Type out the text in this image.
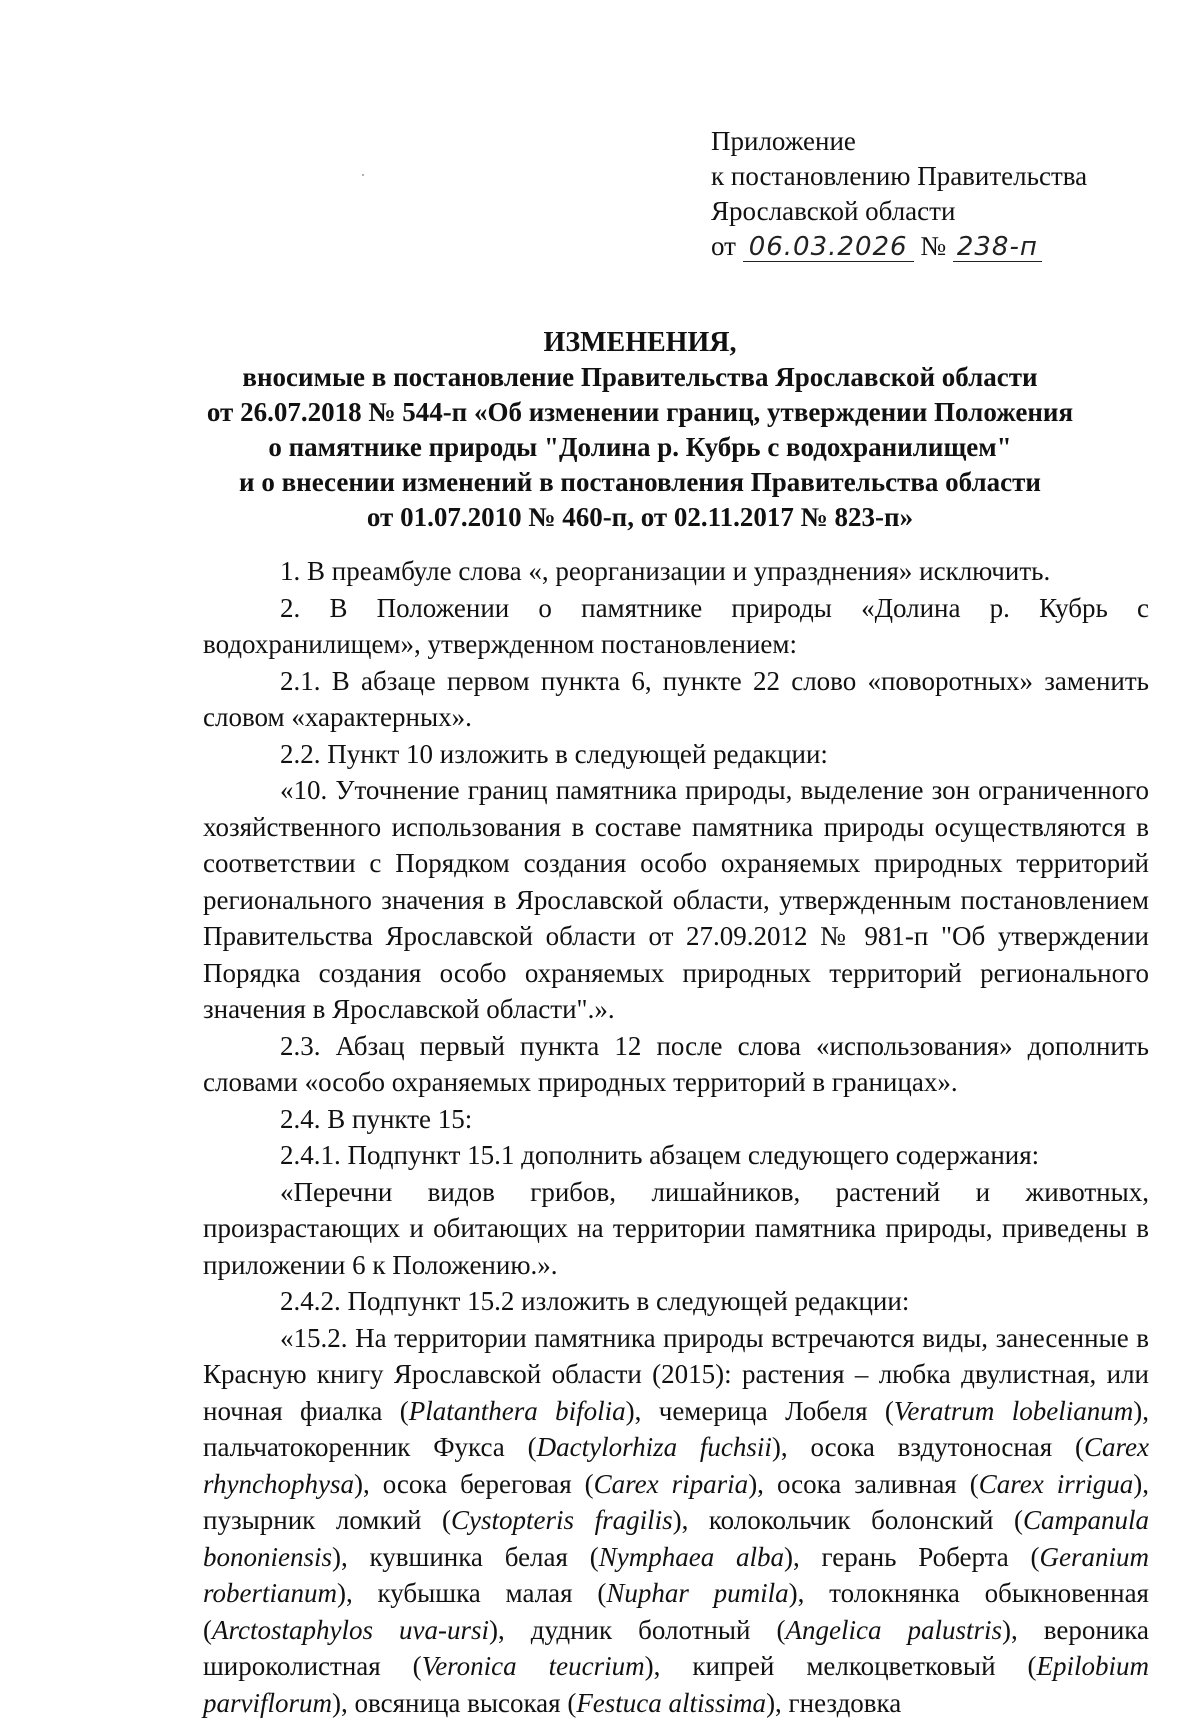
Приложение
к постановлению Правительства
Ярославской области
от 06.03.2026 № 238-п
ИЗМЕНЕНИЯ,
вносимые в постановление Правительства Ярославской области
от 26.07.2018 № 544-п «Об изменении границ, утверждении Положения
о памятнике природы "Долина р. Кубрь с водохранилищем"
и о внесении изменений в постановления Правительства области
от 01.07.2010 № 460-п, от 02.11.2017 № 823-п»

1. В преамбуле слова «, реорганизации и упразднения» исключить.

2. В Положении о памятнике природы «Долина р. Кубрь с водохранилищем», утвержденном постановлением:

2.1. В абзаце первом пункта 6, пункте 22 слово «поворотных» заменить словом «характерных».

2.2. Пункт 10 изложить в следующей редакции:

«10. Уточнение границ памятника природы, выделение зон ограниченного хозяйственного использования в составе памятника природы осуществляются в соответствии с Порядком создания особо охраняемых природных территорий регионального значения в Ярославской области, утвержденным постановлением Правительства Ярославской области от 27.09.2012 № 981-п "Об утверждении Порядка создания особо охраняемых природных территорий регионального значения в Ярославской области".».

2.3. Абзац первый пункта 12 после слова «использования» дополнить словами «особо охраняемых природных территорий в границах».

2.4. В пункте 15:

2.4.1. Подпункт 15.1 дополнить абзацем следующего содержания:

«Перечни видов грибов, лишайников, растений и животных, произрастающих и обитающих на территории памятника природы, приведены в приложении 6 к Положению.».

2.4.2. Подпункт 15.2 изложить в следующей редакции:

«15.2. На территории памятника природы встречаются виды, занесенные в Красную книгу Ярославской области (2015): растения – любка двулистная, или ночная фиалка (Platanthera bifolia), чемерица Лобеля (Veratrum lobelianum), пальчатокоренник Фукса (Dactylorhiza fuchsii), осока вздутоносная (Carex rhynchophysa), осока береговая (Carex riparia), осока заливная (Carex irrigua), пузырник ломкий (Cystopteris fragilis), колокольчик болонский (Campanula bononiensis), кувшинка белая (Nymphaea alba), герань Роберта (Geranium robertianum), кубышка малая (Nuphar pumila), толокнянка обыкновенная (Arctostaphylos uva-ursi), дудник болотный (Angelica palustris), вероника широколистная (Veronica teucrium), кипрей мелкоцветковый (Epilobium parviflorum), овсяница высокая (Festuca altissima), гнездовка
